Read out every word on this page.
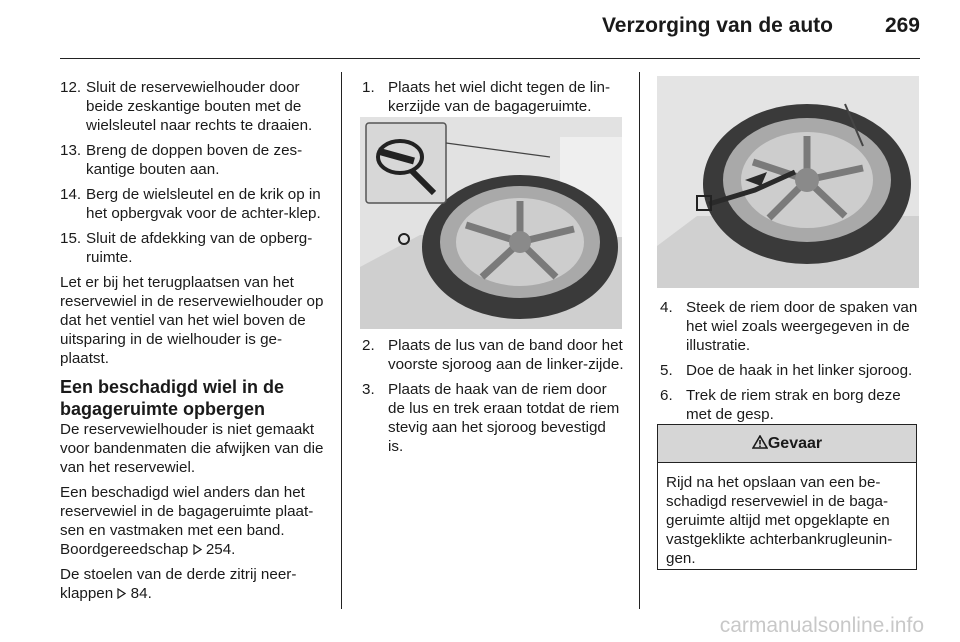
Verzorging van de auto 269
12. Sluit de reservewielhouder door beide zeskantige bouten met de wielsleutel naar rechts te draaien.
13. Breng de doppen boven de zes-kantige bouten aan.
14. Berg de wielsleutel en de krik op in het opbergvak voor de achter-klep.
15. Sluit de afdekking van de opberg-ruimte.

Let er bij het terugplaatsen van het reservewiel in de reservewielhouder op dat het ventiel van het wiel boven de uitsparing in de wielhouder is ge-plaatst.

Een beschadigd wiel in de bagageruimte opbergen

De reservewielhouder is niet gemaakt voor bandenmaten die afwijken van die van het reservewiel.

Een beschadigd wiel anders dan het reservewiel in de bagageruimte plaat-sen en vastmaken met een band.

Boordgereedschap 254.

De stoelen van de derde zitrij neer-klappen 84.

1. Plaats het wiel dicht tegen de lin-kerzijde van de bagageruimte.
2. Plaats de lus van de band door het voorste sjoroog aan de linker-zijde.
3. Plaats de haak van de riem door de lus en trek eraan totdat de riem stevig aan het sjoroog bevestigd is.
4. Steek de riem door de spaken van het wiel zoals weergegeven in de illustratie.
5. Doe de haak in het linker sjoroog.
6. Trek de riem strak en borg deze met de gesp.
Gevaar
Rijd na het opslaan van een be-schadigd reservewiel in de baga-geruimte altijd met opgeklapte en vastgeklikte achterbankrugleunin-gen.
carmanualsonline.info
